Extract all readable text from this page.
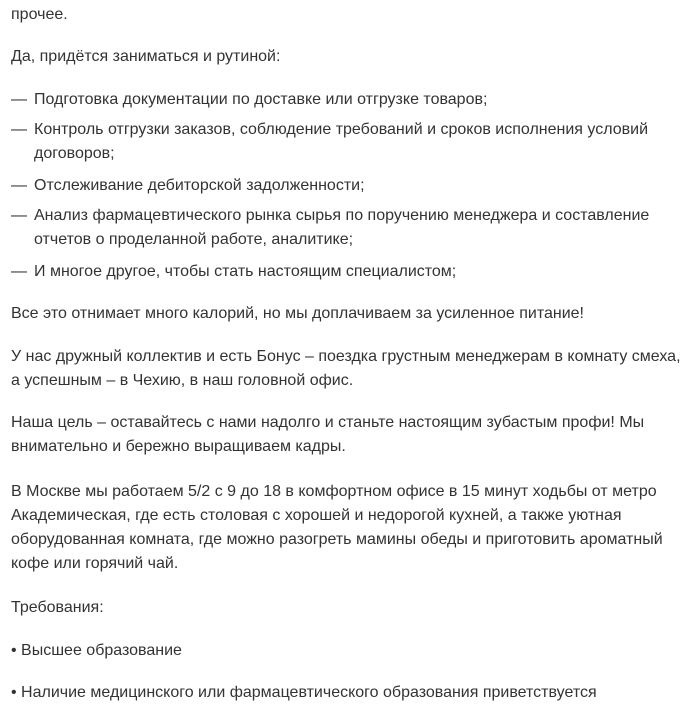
прочее.

Да, придётся заниматься и рутиной:

— Подготовка документации по доставке или отгрузке товаров;
— Контроль отгрузки заказов, соблюдение требований и сроков исполнения условий договоров;
— Отслеживание дебиторской задолженности;
— Анализ фармацевтического рынка сырья по поручению менеджера и составление отчетов о проделанной работе, аналитике;
— И многое другое, чтобы стать настоящим специалистом;

Все это отнимает много калорий, но мы доплачиваем за усиленное питание!

У нас дружный коллектив и есть Бонус – поездка грустным менеджерам в комнату смеха, а успешным – в Чехию, в наш головной офис.

Наша цель – оставайтесь с нами надолго и станьте настоящим зубастым профи! Мы внимательно и бережно выращиваем кадры.

В Москве мы работаем 5/2 с 9 до 18 в комфортном офисе в 15 минут ходьбы от метро Академическая, где есть столовая с хорошей и недорогой кухней, а также уютная оборудованная комната, где можно разогреть мамины обеды и приготовить ароматный кофе или горячий чай.

Требования:

• Высшее образование
• Наличие медицинского или фармацевтического образования приветствуется
